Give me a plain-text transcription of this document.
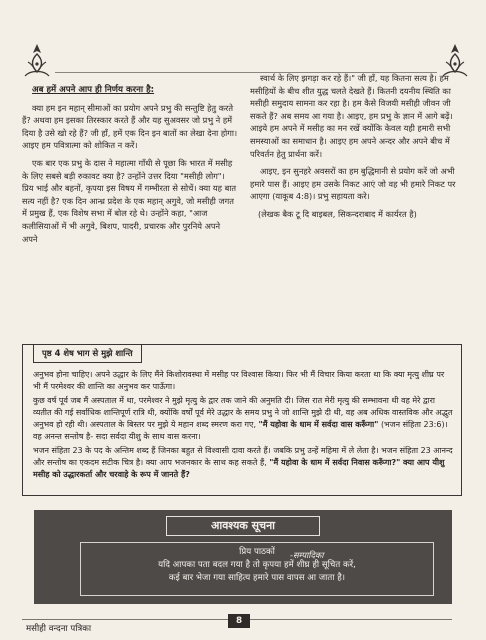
अब हमें अपने आप ही निर्णय करना है:

क्या हम इन महान् सीमाओं का प्रयोग अपने प्रभु की सन्तुष्टि हेतु करते हैं? अथवा हम इसका तिरस्कार करते हैं और यह सुअवसर जो प्रभु ने हमें दिया है उसे खो रहे हैं? जी हाँ, हमें एक दिन इन बातों का लेखा देना होगा। आइए हम पवित्रात्मा को शोकित न करें।

एक बार एक प्रभु के दास ने महात्मा गाँधी से पूछा कि भारत में मसीह के लिए सबसे बड़ी रुकावट क्या है? उन्होंने उत्तर दिया "मसीही लोग"। प्रिय भाई और बहनों, कृपया इस विषय में गम्भीरता से सोचें। क्या यह बात सत्य नहीं है? एक दिन आन्ध्र प्रदेश के एक महान् अगुवे, जो मसीही जगत में प्रमुख हैं, एक विशेष सभा में बोल रहे थे। उन्होंने कहा, "आज कलीसियाओं में भी अगुवे, बिशप, पादरी, प्रचारक और पुरनिये अपने अपने

स्वार्थ के लिए झगड़ा कर रहे हैं।" जी हाँ, यह कितना सत्य है। हम मसीहियों के बीच शीत युद्ध चलते देखते हैं। कितनी दयनीय स्थिति का मसीही समुदाय सामना कर रहा है। हम कैसे विजयी मसीही जीवन जी सकते हैं? अब समय आ गया है। आइए, हम प्रभु के ज्ञान में आगे बढ़ें। आइये हम अपने में मसीह का मन रखें क्योंकि केवल यही हमारी सभी समस्याओं का समाधान है। आइए हम अपने अन्दर और अपने बीच में परिवर्तन हेतु प्रार्थना करें।

आइए, इन सुनहरे अवसरों का हम बुद्धिमानी से प्रयोग करें जो अभी हमारे पास हैं। आइए हम उसके निकट आएं जो वह भी हमारे निकट पर आएगा (याकूब 4:8)। प्रभु सहायता करे।

(लेखक बैक टू दि बाइबल, सिकन्दराबाद में कार्यरत है)

पृष्ठ 4 शेष भाग से मुझे शान्ति

अनुभव होना चाहिए। अपने उद्धार के लिए मैंने किशोरावस्था में मसीह पर विश्वास किया। फिर भी मैं विचार किया करता था कि क्या मृत्यु शीघ्र पर भी मैं परमेश्वर की शान्ति का अनुभव कर पाऊँगा।

कुछ वर्ष पूर्व जब मैं अस्पताल में था, परमेश्वर ने मुझे मृत्यु के द्वार तक जाने की अनुमति दी। जिस रात मेरी मृत्यु की सम्भावना थी वह मेरे द्वारा व्यतीत की गई सर्वाधिक शान्तिपूर्ण रात्रि थी, क्योंकि वर्षों पूर्व मेरे उद्धार के समय प्रभु ने जो शान्ति मुझे दी थी, वह अब अधिक वास्तविक और अद्भुत अनुभव हो रही थी। अस्पताल के बिस्तर पर मुझे ये महान शब्द स्मरण करा गए, "मैं यहोवा के धाम में सर्वदा वास करूँगा" (भजन संहिता 23:6)। वह अनन्त सन्तोष है- सदा सर्वदा यीशु के साथ वास करना।

भजन संहिता 23 के पद के अन्तिम शब्द हैं जिनका बहुत से विश्वासी दावा करते हैं। जबकि प्रभु उन्हें महिमा में ले लेता है। भजन संहिता 23 आनन्द और सन्तोष का एकदम सटीक चित्र है। क्या आप भजनकार के साथ कह सकते हैं, "मैं यहोवा के धाम में सर्वदा निवास करूँगा?" क्या आप यीशु मसीह को उद्धारकर्ता और चरवाहे के रूप में जानते हैं?

आवश्यक सूचना
प्रिय पाठकों
यदि आपका पता बदल गया है तो कृपया हमें शीघ्र ही सूचित करें,
कई बार भेजा गया साहित्य हमारे पास वापस आ जाता है।
-सम्पादिका
मसीही वन्दना पत्रिका
8
